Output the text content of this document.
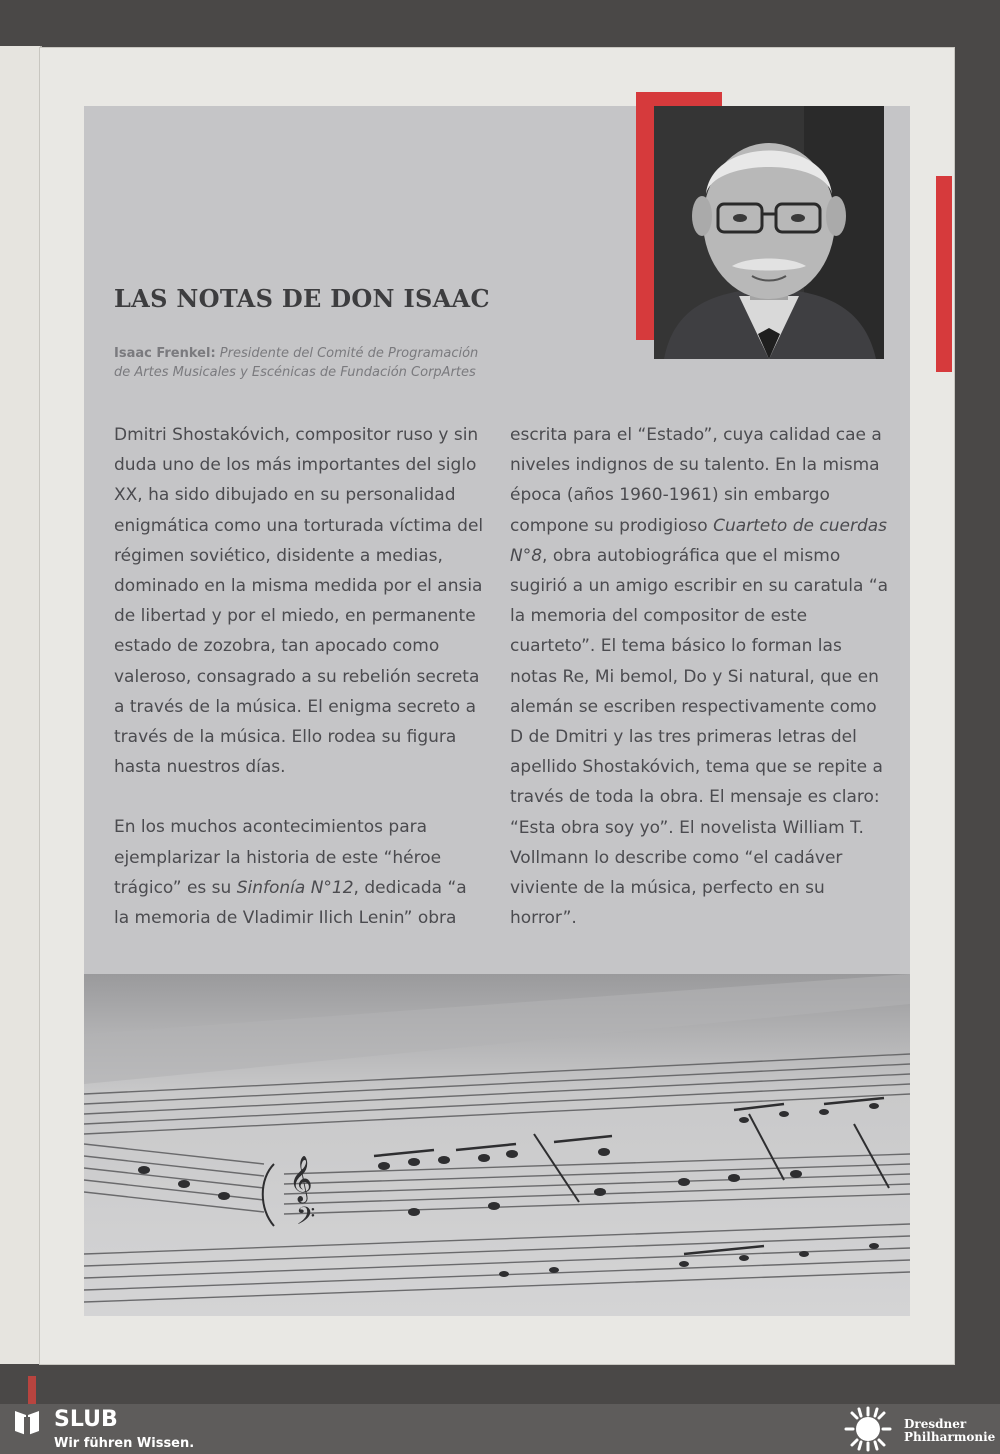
LAS NOTAS DE DON ISAAC
Isaac Frenkel: Presidente del Comité de Programación
de Artes Musicales y Escénicas de Fundación CorpArtes

Dmitri Shostakóvich, compositor ruso y sin duda uno de los más importantes del siglo XX, ha sido dibujado en su personalidad enigmática como una torturada víctima del régimen soviético, disidente a medias, dominado en la misma medida por el ansia de libertad y por el miedo, en permanente estado de zozobra, tan apocado como valeroso, consagrado a su rebelión secreta a través de la música. El enigma secreto a través de la música. Ello rodea su figura hasta nuestros días.

En los muchos acontecimientos para ejemplarizar la historia de este “héroe trágico” es su Sinfonía N°12, dedicada “a la memoria de Vladimir Ilich Lenin” obra

escrita para el “Estado”, cuya calidad cae a niveles indignos de su talento. En la misma época (años 1960-1961) sin embargo compone su prodigioso Cuarteto de cuerdas N°8, obra autobiográfica que el mismo sugirió a un amigo escribir en su caratula “a la memoria del compositor de este cuarteto”. El tema básico lo forman las notas Re, Mi bemol, Do y Si natural, que en alemán se escriben respectivamente como D de Dmitri y las tres primeras letras del apellido Shostakóvich, tema que se repite a través de toda la obra. El mensaje es claro: “Esta obra soy yo”. El novelista William T. Vollmann lo describe como “el cadáver viviente de la música, perfecto en su horror”.

𝄞
𝄢
SLUB
Wir führen Wissen.
Dresdner
Philharmonie
